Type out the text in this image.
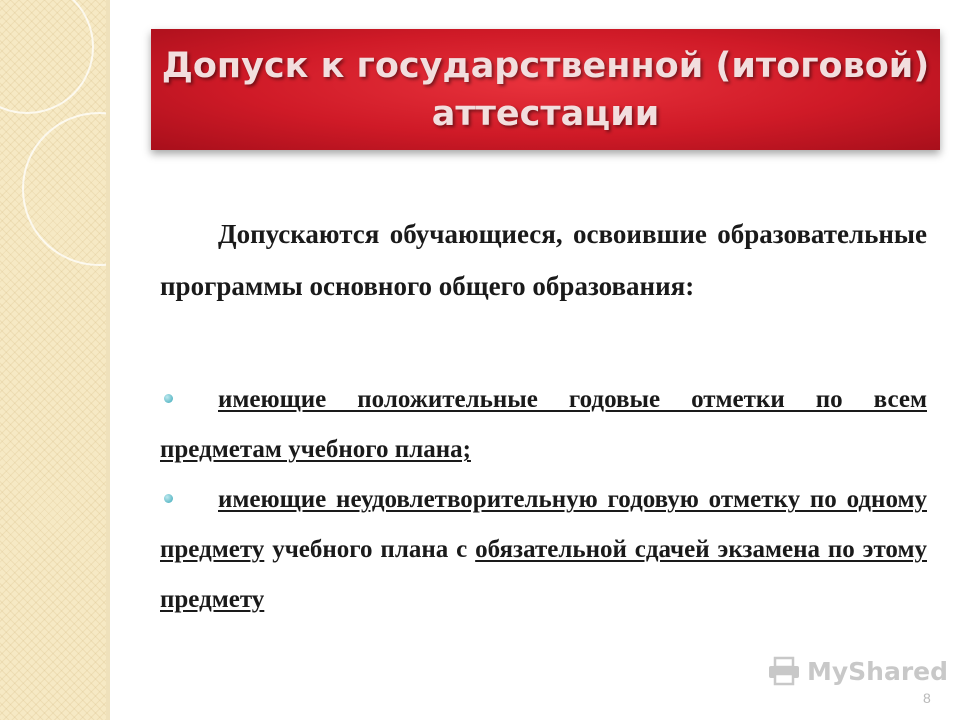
Допуск к государственной (итоговой)
аттестации
Допускаются обучающиеся, освоившие образовательные программы основного общего образования:
имеющие положительные годовые отметки по всем предметам учебного плана;
имеющие неудовлетворительную годовую отметку по одному предмету учебного плана с обязательной сдачей экзамена по этому предмету
MyShared
8
